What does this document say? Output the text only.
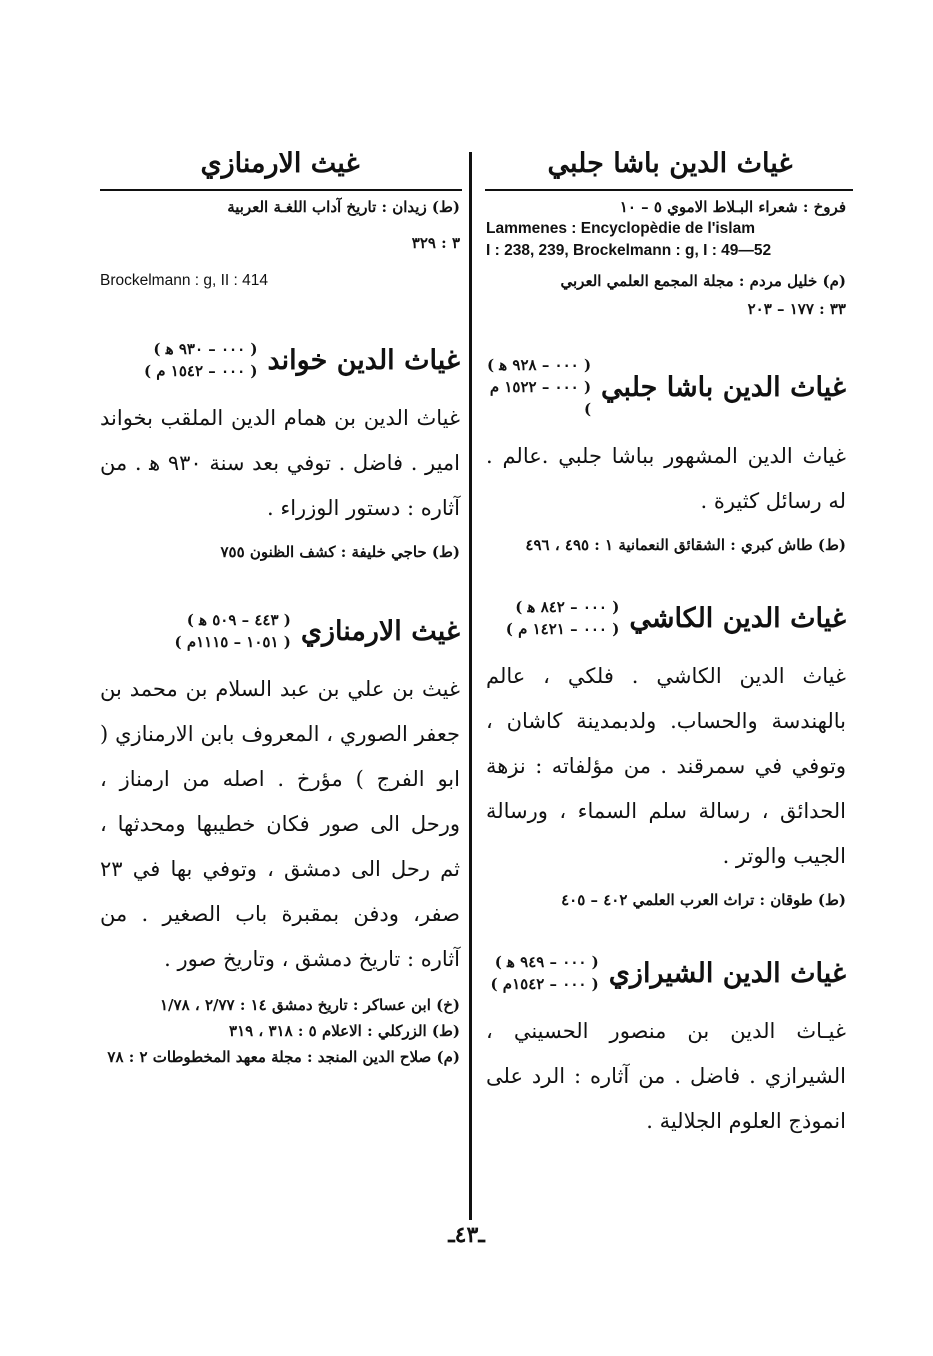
غياث الدين باشا جلبي
غيث الارمنازي
فروخ : شعراء البـلاط الاموي ٥ – ١٠
Lammenes : Encyclopèdie de l'islam
I : 238, 239, Brockelmann : g, I : 49—52
(م) خليل مردم : مجلة المجمع العلمي العربي
٣٣ : ١٧٧ – ٢٠٣
غياث الدين باشا جلبي
( ٠٠٠ – ٩٢٨ ﻫ )
( ٠٠٠ – ١٥٢٢ م )
غياث الدين المشهور بباشا جلبي .عالم . له رسائل كثيرة .
(ط) طاش كبري : الشقائق النعمانية ١ : ٤٩٥ ، ٤٩٦
غياث الدين الكاشي
( ٠٠٠ – ٨٤٢ ﻫ )
( ٠٠٠ – ١٤٢١ م )
غياث الدين الكاشي . فلكي ، عالم بالهندسة والحساب. ولدبمدينة كاشان ، وتوفي في سمرقند . من مؤلفاته : نزهة الحدائق ، رسالة سلم السماء ، ورسالة الجيب والوتر .
(ط) طوقان : تراث العرب العلمي ٤٠٢ – ٤٠٥
غياث الدين الشيرازي
( ٠٠٠ – ٩٤٩ ﻫ )
( ٠٠٠ – ١٥٤٢م )
غيـاث الدين بن منصور الحسيني ، الشيرازي . فاضل . من آثاره : الرد على انموذج العلوم الجلالية .
(ط) زيدان : تاريخ آداب اللغـة العربية
٣ : ٣٢٩
Brockelmann : g, II : 414
غياث الدين خواند
( ٠٠٠ – ٩٣٠ ﻫ )
( ٠٠٠ – ١٥٤٢ م )
غياث الدين بن همام الدين الملقب بخواند امير . فاضل . توفي بعد سنة ٩٣٠ ﻫ . من آثاره : دستور الوزراء .
(ط) حاجي خليفة : كشف الظنون ٧٥٥
غيث الارمنازي
( ٤٤٣ – ٥٠٩ ﻫ )
( ١٠٥١ – ١١١٥م )
غيث بن علي بن عبد السلام بن محمد بن جعفر الصوري ، المعروف بابن الارمنازي ( ابو الفرج ) مؤرخ . اصله من ارمناز ، ورحل الى صور فكان خطيبها ومحدثها ، ثم رحل الى دمشق ، وتوفي بها في ٢٣ صفر، ودفن بمقبرة باب الصغير . من آثاره : تاريخ دمشق ، وتاريخ صور .
(خ) ابن عساكر : تاريخ دمشق ١٤ : ٢/٧٧ ، ١/٧٨
(ط) الزركلي : الاعلام ٥ : ٣١٨ ، ٣١٩
(م) صلاح الدين المنجد : مجلة معهد المخطوطات ٢ : ٧٨
ـ٤٣ـ
